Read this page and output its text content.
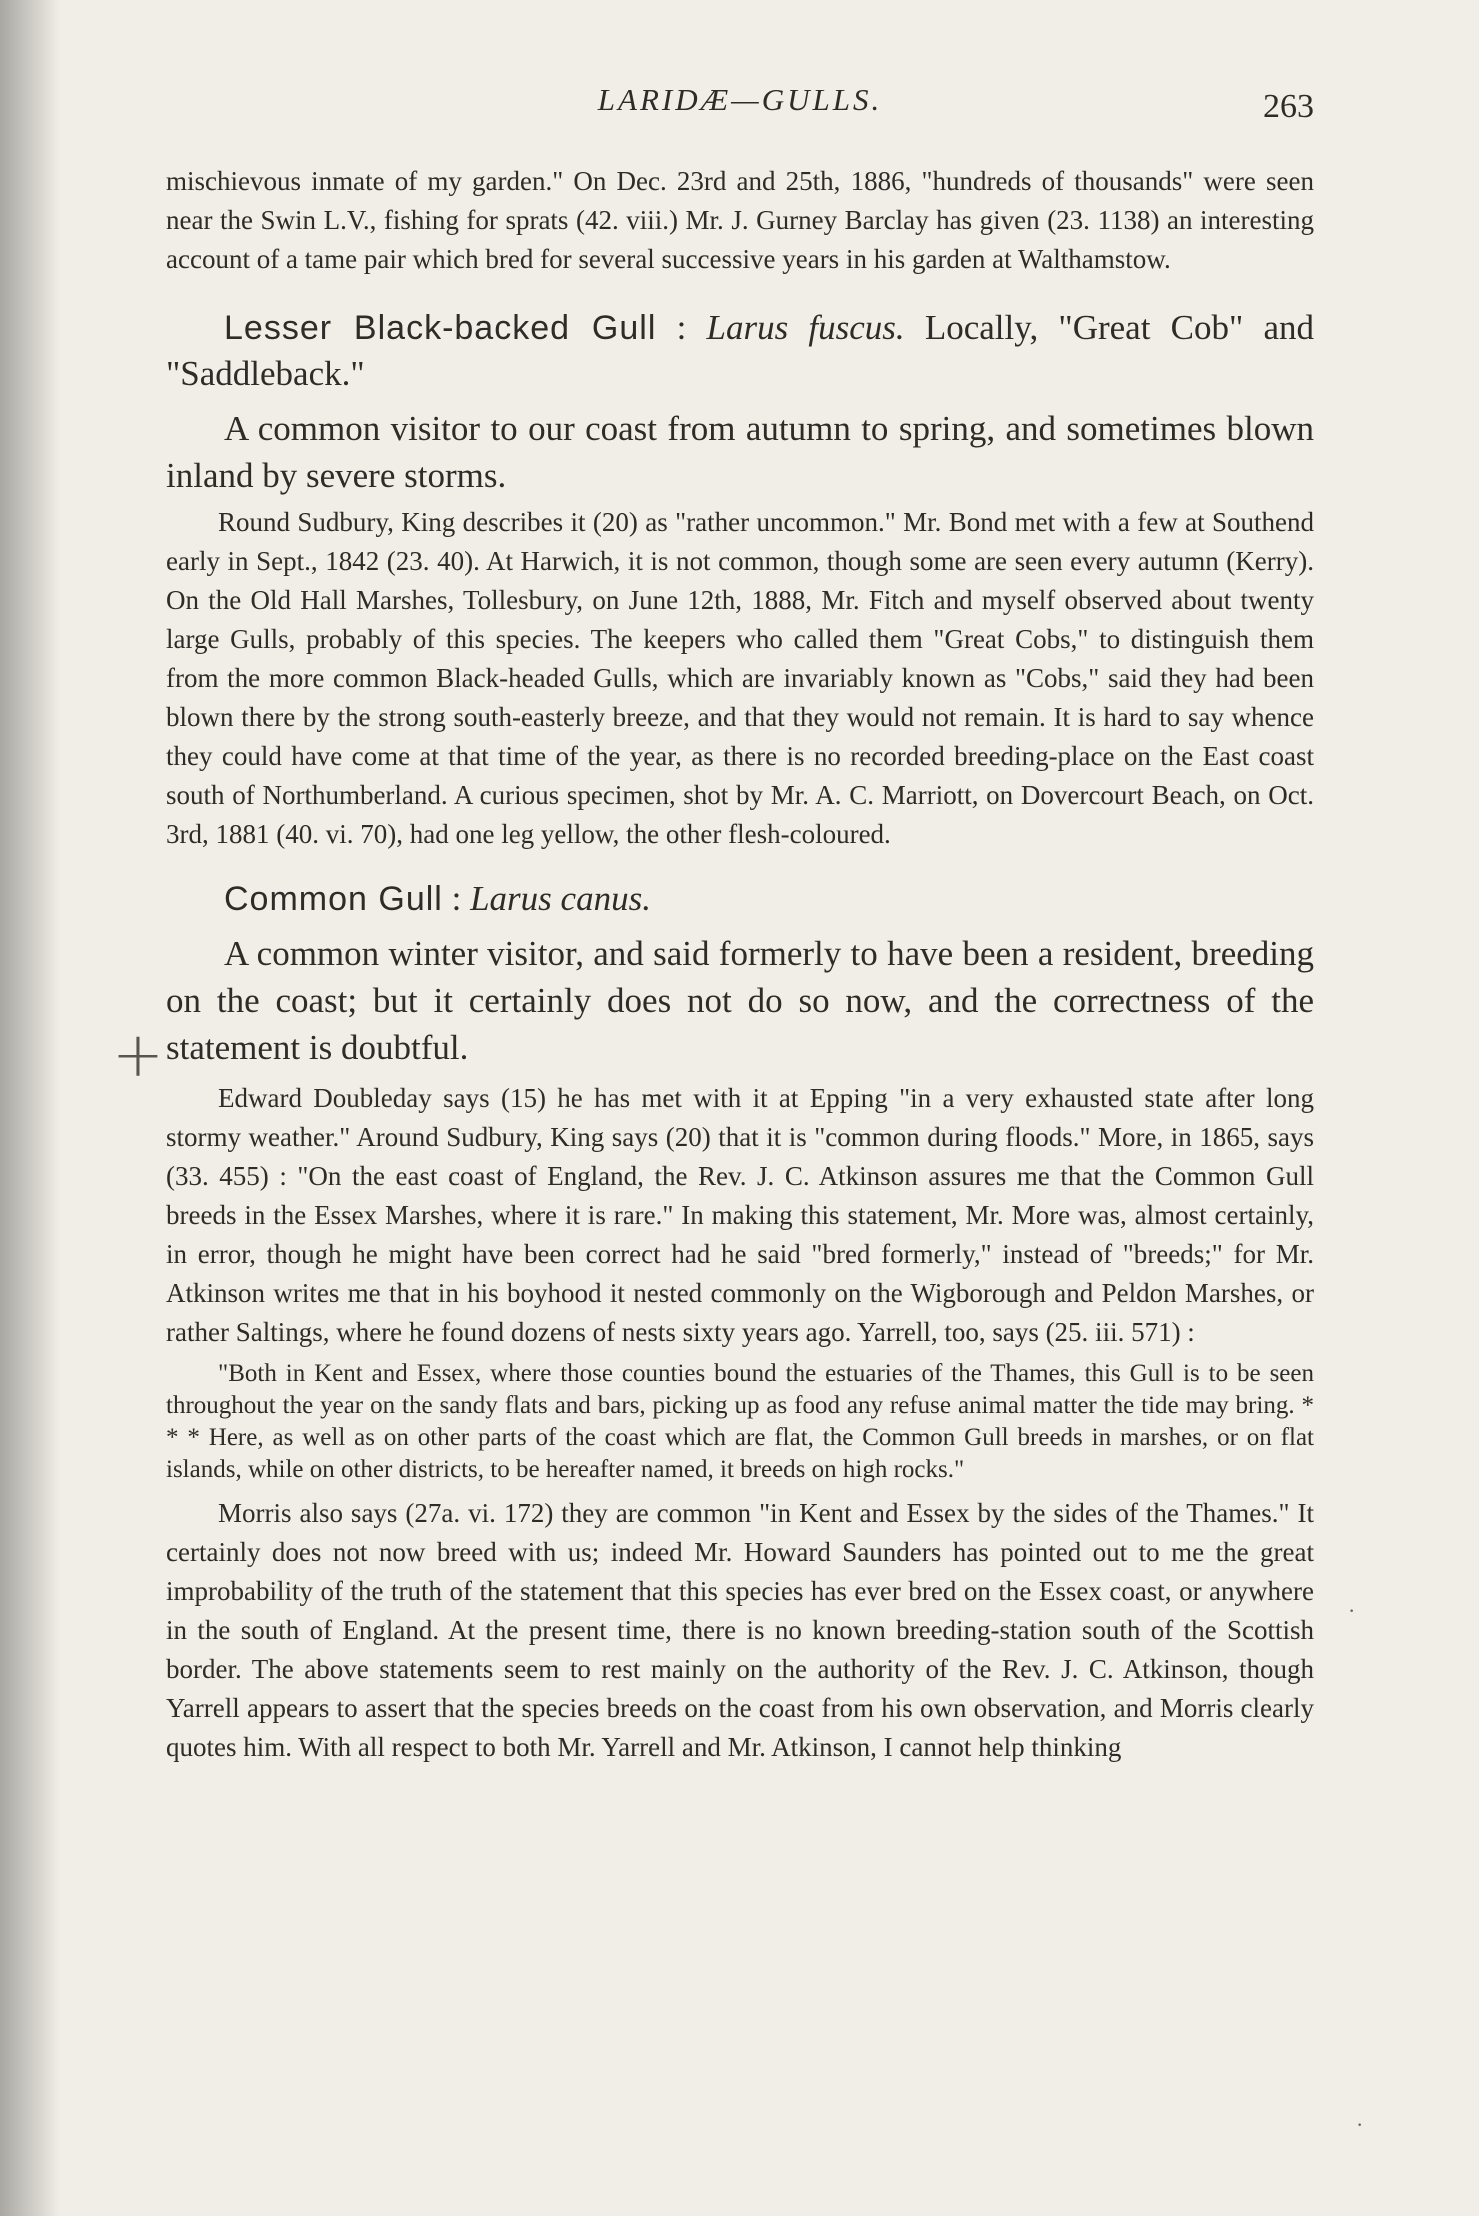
+
·
·
LARIDÆ—GULLS.	263

mischievous inmate of my garden." On Dec. 23rd and 25th, 1886, "hundreds of thousands" were seen near the Swin L.V., fishing for sprats (42. viii.) Mr. J. Gurney Barclay has given (23. 1138) an interesting account of a tame pair which bred for several successive years in his garden at Walthamstow.

Lesser Black-backed Gull : Larus fuscus. Locally, "Great Cob" and "Saddleback."

A common visitor to our coast from autumn to spring, and sometimes blown inland by severe storms.

Round Sudbury, King describes it (20) as "rather uncommon." Mr. Bond met with a few at Southend early in Sept., 1842 (23. 40). At Harwich, it is not common, though some are seen every autumn (Kerry). On the Old Hall Marshes, Tollesbury, on June 12th, 1888, Mr. Fitch and myself observed about twenty large Gulls, probably of this species. The keepers who called them "Great Cobs," to distinguish them from the more common Black-headed Gulls, which are invariably known as "Cobs," said they had been blown there by the strong south-easterly breeze, and that they would not remain. It is hard to say whence they could have come at that time of the year, as there is no recorded breeding-place on the East coast south of Northumberland. A curious specimen, shot by Mr. A. C. Marriott, on Dovercourt Beach, on Oct. 3rd, 1881 (40. vi. 70), had one leg yellow, the other flesh-coloured.

Common Gull : Larus canus.

A common winter visitor, and said formerly to have been a resident, breeding on the coast; but it certainly does not do so now, and the correctness of the statement is doubtful.

Edward Doubleday says (15) he has met with it at Epping "in a very exhausted state after long stormy weather." Around Sudbury, King says (20) that it is "common during floods." More, in 1865, says (33. 455) : "On the east coast of England, the Rev. J. C. Atkinson assures me that the Common Gull breeds in the Essex Marshes, where it is rare." In making this statement, Mr. More was, almost certainly, in error, though he might have been correct had he said "bred formerly," instead of "breeds;" for Mr. Atkinson writes me that in his boyhood it nested commonly on the Wigborough and Peldon Marshes, or rather Saltings, where he found dozens of nests sixty years ago. Yarrell, too, says (25. iii. 571) :

"Both in Kent and Essex, where those counties bound the estuaries of the Thames, this Gull is to be seen throughout the year on the sandy flats and bars, picking up as food any refuse animal matter the tide may bring. * * * Here, as well as on other parts of the coast which are flat, the Common Gull breeds in marshes, or on flat islands, while on other districts, to be hereafter named, it breeds on high rocks."

Morris also says (27a. vi. 172) they are common "in Kent and Essex by the sides of the Thames." It certainly does not now breed with us; indeed Mr. Howard Saunders has pointed out to me the great improbability of the truth of the statement that this species has ever bred on the Essex coast, or anywhere in the south of England. At the present time, there is no known breeding-station south of the Scottish border. The above statements seem to rest mainly on the authority of the Rev. J. C. Atkinson, though Yarrell appears to assert that the species breeds on the coast from his own observation, and Morris clearly quotes him. With all respect to both Mr. Yarrell and Mr. Atkinson, I cannot help thinking
